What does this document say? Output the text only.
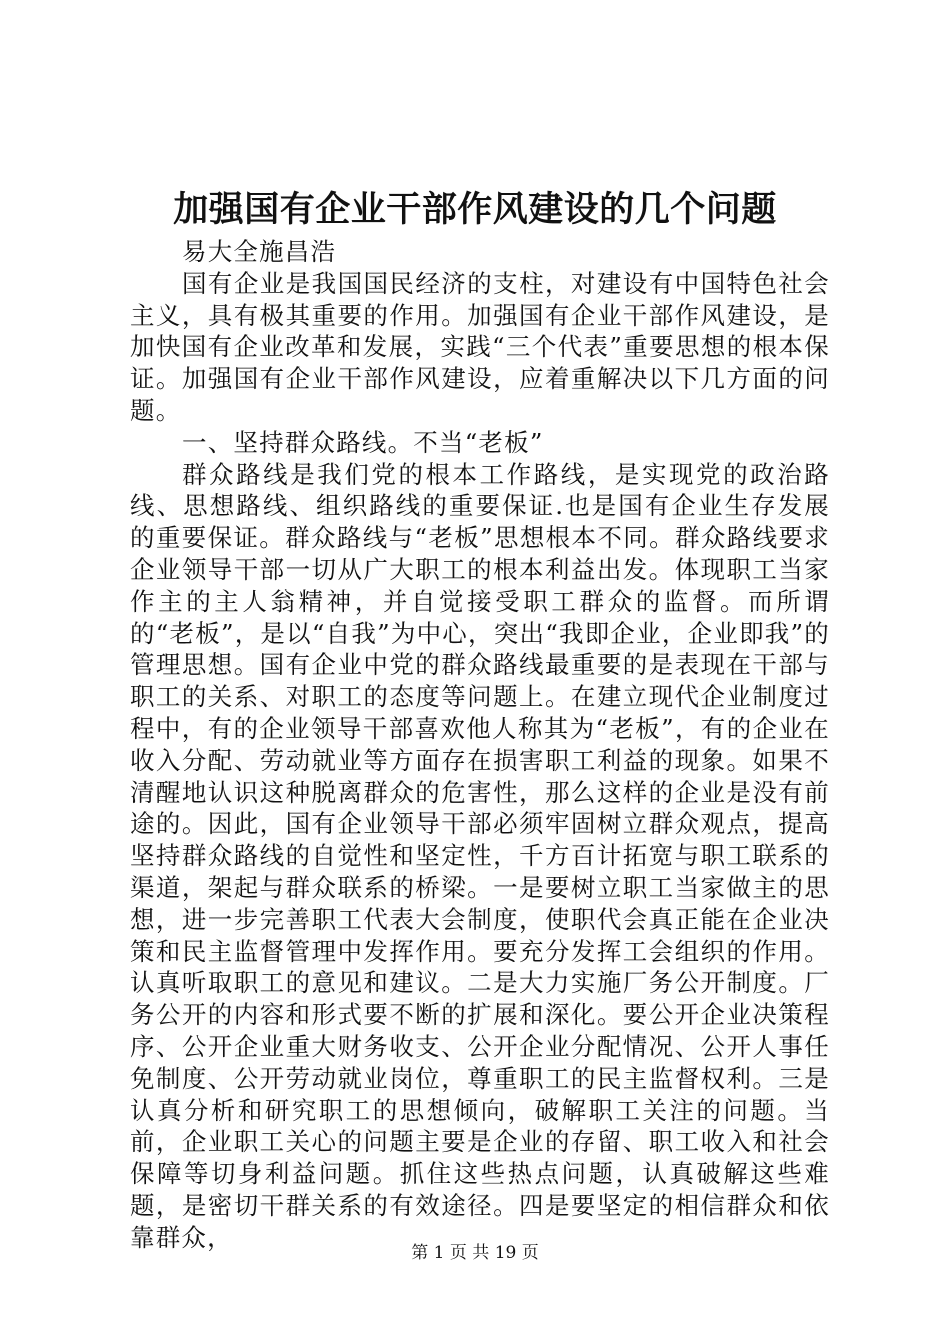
加强国有企业干部作风建设的几个问题

易大全施昌浩

国有企业是我国国民经济的支柱，对建设有中国特色社会主义，具有极其重要的作用。加强国有企业干部作风建设，是加快国有企业改革和发展，实践“三个代表”重要思想的根本保证。加强国有企业干部作风建设，应着重解决以下几方面的问题。

一、坚持群众路线。不当“老板”

群众路线是我们党的根本工作路线，是实现党的政治路线、思想路线、组织路线的重要保证.也是国有企业生存发展的重要保证。群众路线与“老板”思想根本不同。群众路线要求企业领导干部一切从广大职工的根本利益出发。体现职工当家作主的主人翁精神，并自觉接受职工群众的监督。而所谓的“老板”，是以“自我”为中心，突出“我即企业，企业即我”的管理思想。国有企业中党的群众路线最重要的是表现在干部与职工的关系、对职工的态度等问题上。在建立现代企业制度过程中，有的企业领导干部喜欢他人称其为“老板”，有的企业在收入分配、劳动就业等方面存在损害职工利益的现象。如果不清醒地认识这种脱离群众的危害性，那么这样的企业是没有前途的。因此，国有企业领导干部必须牢固树立群众观点，提高坚持群众路线的自觉性和坚定性，千方百计拓宽与职工联系的渠道，架起与群众联系的桥梁。一是要树立职工当家做主的思想，进一步完善职工代表大会制度，使职代会真正能在企业决策和民主监督管理中发挥作用。要充分发挥工会组织的作用。认真听取职工的意见和建议。二是大力实施厂务公开制度。厂务公开的内容和形式要不断的扩展和深化。要公开企业决策程序、公开企业重大财务收支、公开企业分配情况、公开人事任免制度、公开劳动就业岗位，尊重职工的民主监督权利。三是认真分析和研究职工的思想倾向，破解职工关注的问题。当前，企业职工关心的问题主要是企业的存留、职工收入和社会保障等切身利益问题。抓住这些热点问题，认真破解这些难题，是密切干群关系的有效途径。四是要坚定的相信群众和依靠群众，

第 1 页 共 19 页
